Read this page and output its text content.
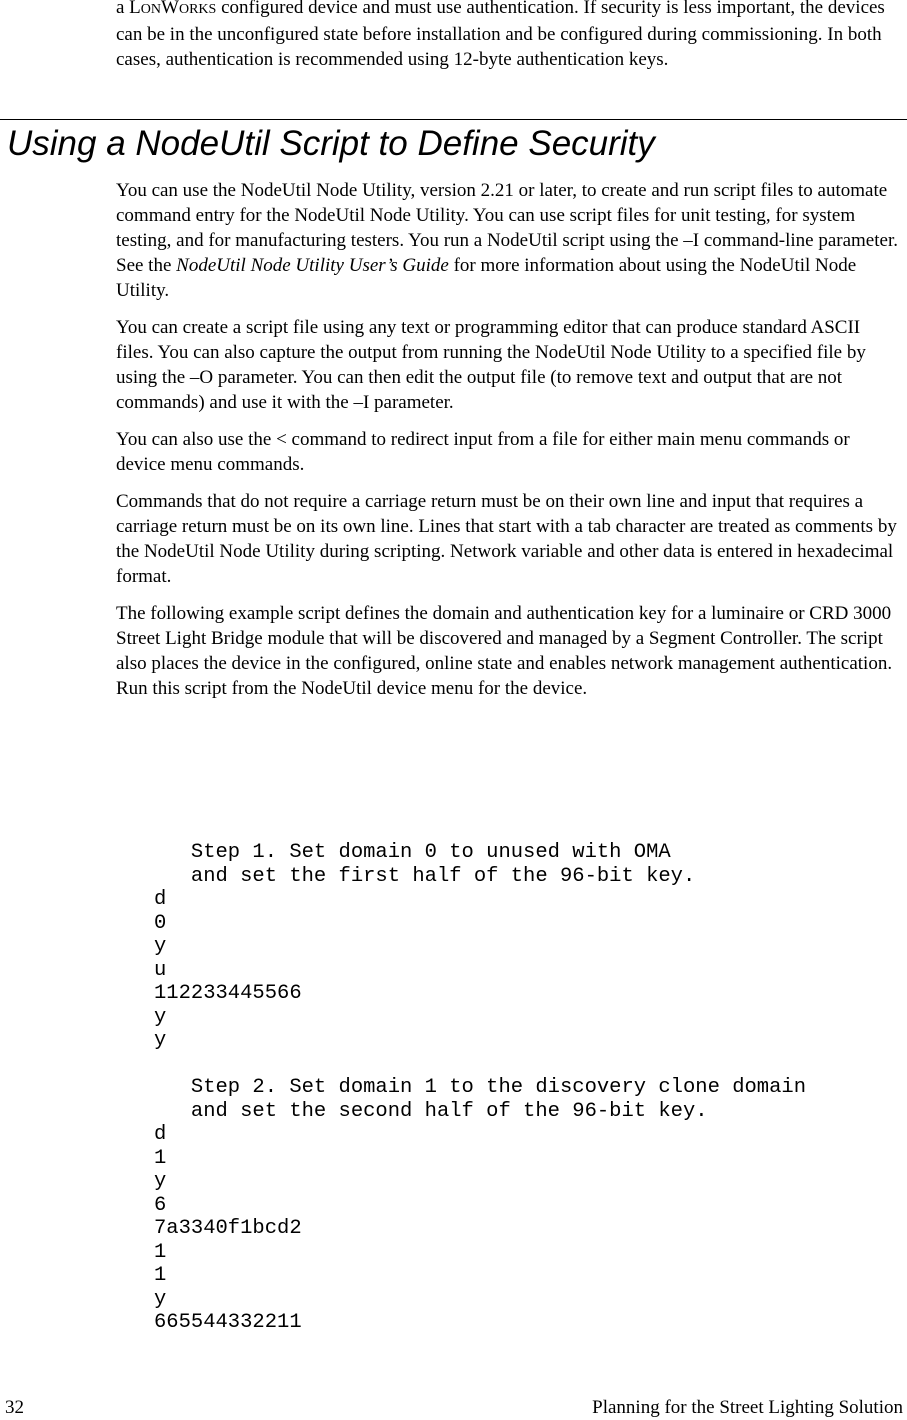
a LONWORKS configured device and must use authentication. If security is less important, the devices can be in the unconfigured state before installation and be configured during commissioning. In both cases, authentication is recommended using 12-byte authentication keys.

Using a NodeUtil Script to Define Security

You can use the NodeUtil Node Utility, version 2.21 or later, to create and run script files to automate command entry for the NodeUtil Node Utility. You can use script files for unit testing, for system testing, and for manufacturing testers. You run a NodeUtil script using the –I command-line parameter. See the NodeUtil Node Utility User’s Guide for more information about using the NodeUtil Node Utility.

You can create a script file using any text or programming editor that can produce standard ASCII files. You can also capture the output from running the NodeUtil Node Utility to a specified file by using the –O parameter. You can then edit the output file (to remove text and output that are not commands) and use it with the –I parameter.

You can also use the < command to redirect input from a file for either main menu commands or device menu commands.

Commands that do not require a carriage return must be on their own line and input that requires a carriage return must be on its own line. Lines that start with a tab character are treated as comments by the NodeUtil Node Utility during scripting. Network variable and other data is entered in hexadecimal format.

The following example script defines the domain and authentication key for a luminaire or CRD 3000 Street Light Bridge module that will be discovered and managed by a Segment Controller. The script also places the device in the configured, online state and enables network management authentication. Run this script from the NodeUtil device menu for the device.

Step 1. Set domain 0 to unused with OMA
and set the first half of the 96-bit key.
d
0
y
u
112233445566
y
y

Step 2. Set domain 1 to the discovery clone domain
and set the second half of the 96-bit key.
d
1
y
6
7a3340f1bcd2
1
1
y
665544332211
32	Planning for the Street Lighting Solution
